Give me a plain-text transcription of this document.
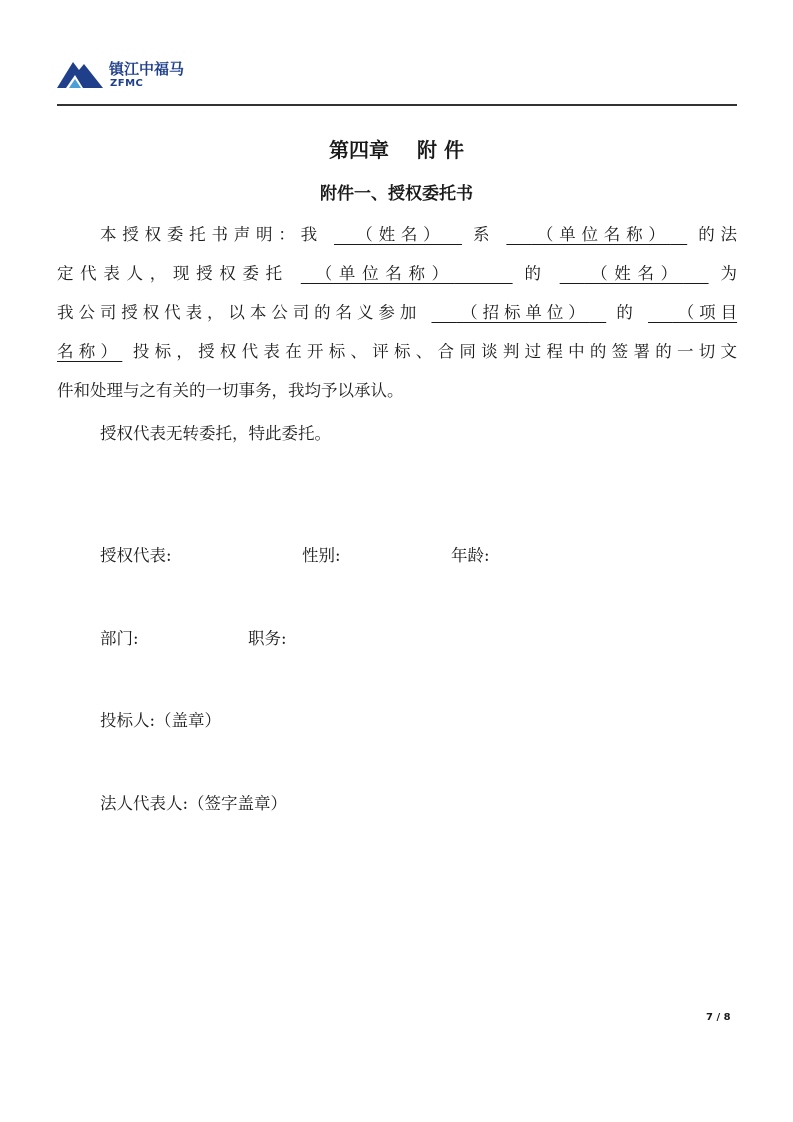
镇江中福马
ZFMC
第四章 附 件
附件一、授权委托书
本授权委托书声明：我    （姓名）   系     （单位名称）   的法
定代表人，现授权委托   （单位名称）       	的     （姓名）    为
我公司授权代表，以本公司的名义参加     （招标单位）   的     （项目
名称） 投标，授权代表在开标、评标、合同谈判过程中的签署的一切文
件和处理与之有关的一切事务，我均予以承认。
授权代表无转委托，特此委托。
授权代表:	性别:	年龄:
部门:	职务:
投标人:（盖章）
法人代表人:（签字盖章）
7 / 8
